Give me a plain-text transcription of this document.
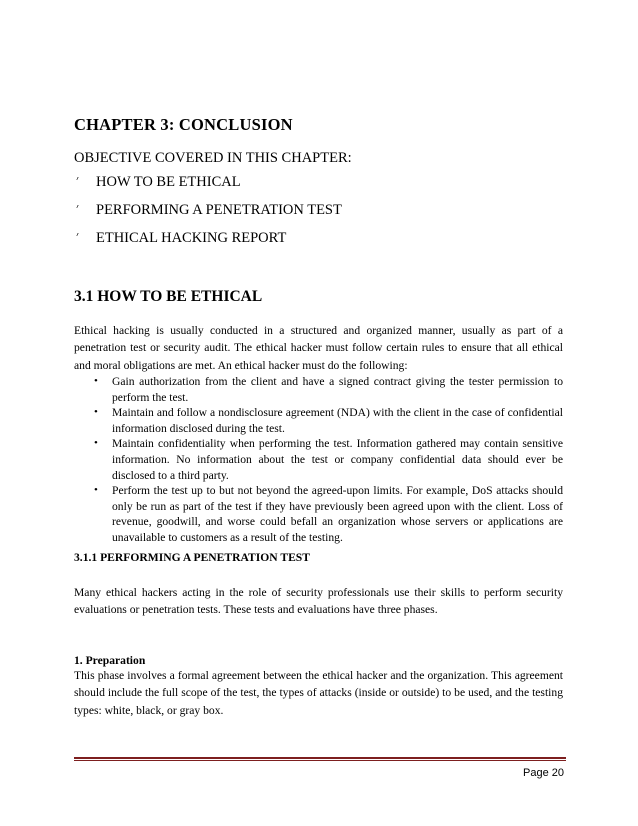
CHAPTER 3: CONCLUSION
OBJECTIVE COVERED IN THIS CHAPTER:
׳ HOW TO BE ETHICAL
׳ PERFORMING A PENETRATION TEST
׳ ETHICAL HACKING REPORT
3.1 HOW TO BE ETHICAL
Ethical hacking is usually conducted in a structured and organized manner, usually as part of a penetration test or security audit. The ethical hacker must follow certain rules to ensure that all ethical and moral obligations are met. An ethical hacker must do the following:
• Gain authorization from the client and have a signed contract giving the tester permission to perform the test.
• Maintain and follow a nondisclosure agreement (NDA) with the client in the case of confidential information disclosed during the test.
• Maintain confidentiality when performing the test. Information gathered may contain sensitive information. No information about the test or company confidential data should ever be disclosed to a third party.
• Perform the test up to but not beyond the agreed-upon limits. For example, DoS attacks should only be run as part of the test if they have previously been agreed upon with the client. Loss of revenue, goodwill, and worse could befall an organization whose servers or applications are unavailable to customers as a result of the testing.
3.1.1 PERFORMING A PENETRATION TEST
Many ethical hackers acting in the role of security professionals use their skills to perform security evaluations or penetration tests. These tests and evaluations have three phases.
1. Preparation
This phase involves a formal agreement between the ethical hacker and the organization. This agreement should include the full scope of the test, the types of attacks (inside or outside) to be used, and the testing types: white, black, or gray box.
Page 20
